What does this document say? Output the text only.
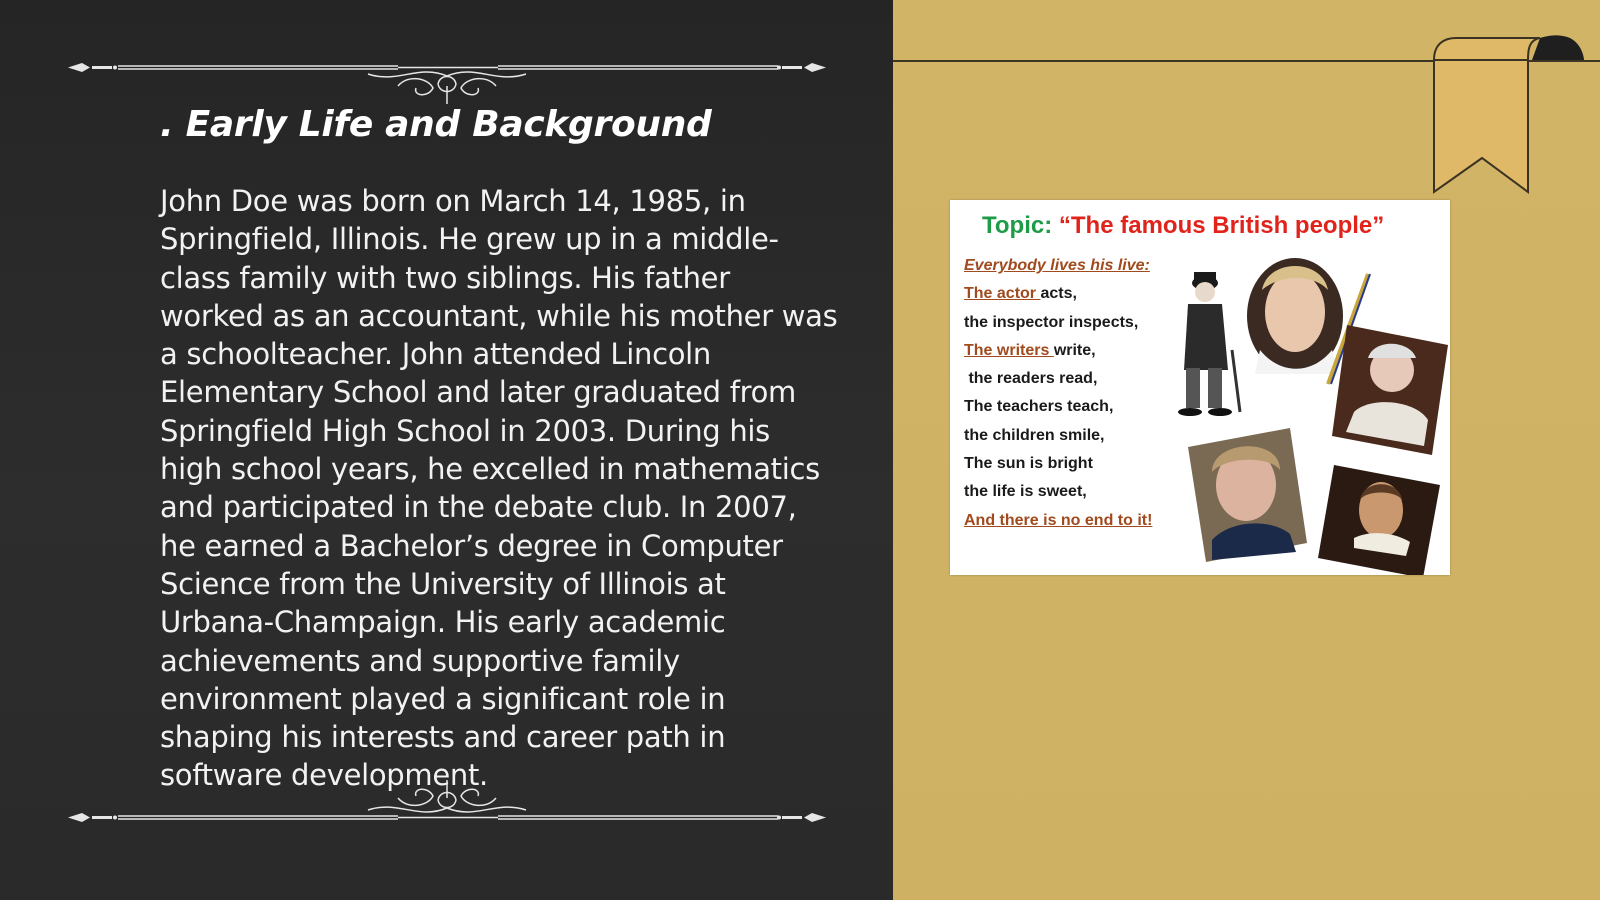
. Early Life and Background

John Doe was born on March 14, 1985, in Springfield, Illinois. He grew up in a middle-class family with two siblings. His father worked as an accountant, while his mother was a schoolteacher. John attended Lincoln Elementary School and later graduated from Springfield High School in 2003. During his high school years, he excelled in mathematics and participated in the debate club. In 2007, he earned a Bachelor’s degree in Computer Science from the University of Illinois at Urbana-Champaign. His early academic achievements and supportive family environment played a significant role in shaping his interests and career path in software development.

Topic: “The famous British people”
Everybody lives his live:
The actor acts,
the inspector inspects,
The writers write,
the readers read,
The teachers teach,
the children smile,
The sun is bright
the life is sweet,
And there is no end to it!
